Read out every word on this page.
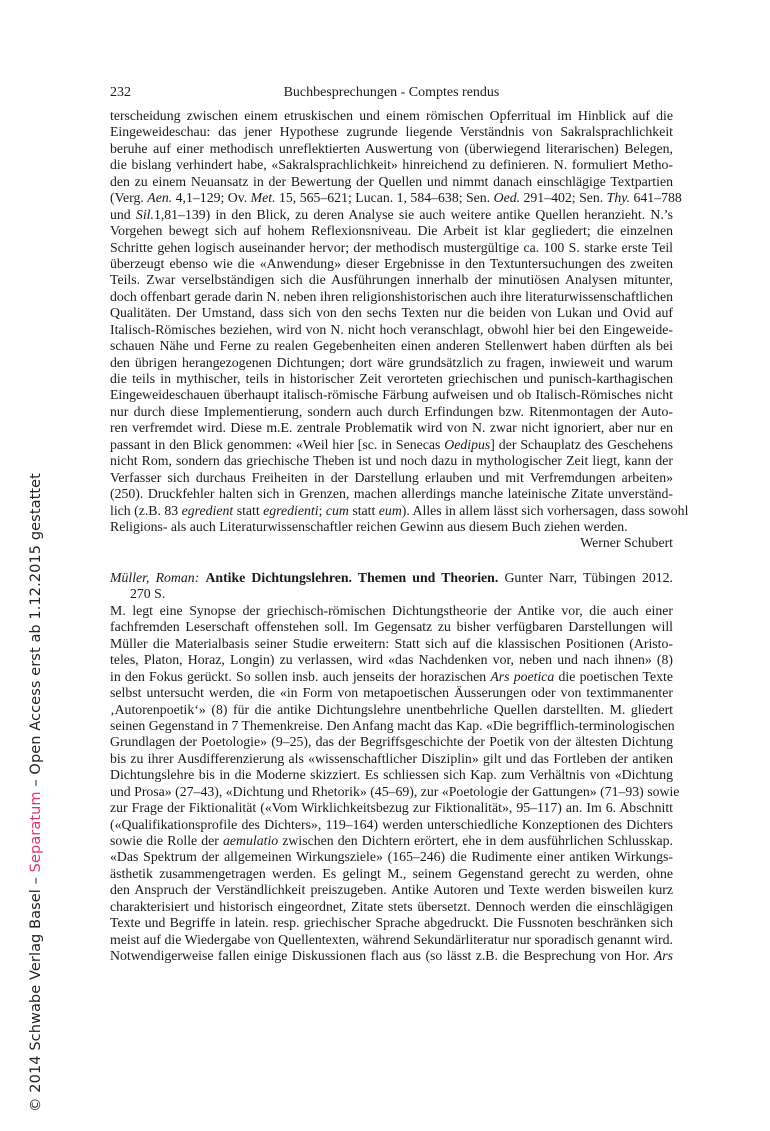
232	Buchbesprechungen - Comptes rendus
terscheidung zwischen einem etruskischen und einem römischen Opferritual im Hinblick auf die
Eingeweideschau: das jener Hypothese zugrunde liegende Verständnis von Sakralsprachlichkeit
beruhe auf einer methodisch unreflektierten Auswertung von (überwiegend literarischen) Belegen,
die bislang verhindert habe, «Sakralsprachlichkeit» hinreichend zu definieren. N. formuliert Metho-
den zu einem Neuansatz in der Bewertung der Quellen und nimmt danach einschlägige Textpartien
(Verg. Aen. 4,1–129; Ov. Met. 15, 565–621; Lucan. 1, 584–638; Sen. Oed. 291–402; Sen. Thy. 641–788
und Sil.1,81–139) in den Blick, zu deren Analyse sie auch weitere antike Quellen heranzieht. N.’s
Vorgehen bewegt sich auf hohem Reflexionsniveau. Die Arbeit ist klar gegliedert; die einzelnen
Schritte gehen logisch auseinander hervor; der methodisch mustergültige ca. 100 S. starke erste Teil
überzeugt ebenso wie die «Anwendung» dieser Ergebnisse in den Textuntersuchungen des zweiten
Teils. Zwar verselbständigen sich die Ausführungen innerhalb der minutiösen Analysen mitunter,
doch offenbart gerade darin N. neben ihren religionshistorischen auch ihre literaturwissenschaftlichen
Qualitäten. Der Umstand, dass sich von den sechs Texten nur die beiden von Lukan und Ovid auf
Italisch-Römisches beziehen, wird von N. nicht hoch veranschlagt, obwohl hier bei den Eingeweide-
schauen Nähe und Ferne zu realen Gegebenheiten einen anderen Stellenwert haben dürften als bei
den übrigen herangezogenen Dichtungen; dort wäre grundsätzlich zu fragen, inwieweit und warum
die teils in mythischer, teils in historischer Zeit verorteten griechischen und punisch-karthagischen
Eingeweideschauen überhaupt italisch-römische Färbung aufweisen und ob Italisch-Römisches nicht
nur durch diese Implementierung, sondern auch durch Erfindungen bzw. Ritenmontagen der Auto-
ren verfremdet wird. Diese m.E. zentrale Problematik wird von N. zwar nicht ignoriert, aber nur en
passant in den Blick genommen: «Weil hier [sc. in Senecas Oedipus] der Schauplatz des Geschehens
nicht Rom, sondern das griechische Theben ist und noch dazu in mythologischer Zeit liegt, kann der
Verfasser sich durchaus Freiheiten in der Darstellung erlauben und mit Verfremdungen arbeiten»
(250). Druckfehler halten sich in Grenzen, machen allerdings manche lateinische Zitate unverständ-
lich (z.B. 83 egredient statt egredienti; cum statt eum). Alles in allem lässt sich vorhersagen, dass sowohl
Religions- als auch Literaturwissenschaftler reichen Gewinn aus diesem Buch ziehen werden.
Werner Schubert
Müller, Roman: Antike Dichtungslehren. Themen und Theorien. Gunter Narr, Tübingen 2012.
270 S.
M. legt eine Synopse der griechisch-römischen Dichtungstheorie der Antike vor, die auch einer
fachfremden Leserschaft offenstehen soll. Im Gegensatz zu bisher verfügbaren Darstellungen will
Müller die Materialbasis seiner Studie erweitern: Statt sich auf die klassischen Positionen (Aristo-
teles, Platon, Horaz, Longin) zu verlassen, wird «das Nachdenken vor, neben und nach ihnen» (8)
in den Fokus gerückt. So sollen insb. auch jenseits der horazischen Ars poetica die poetischen Texte
selbst untersucht werden, die «in Form von metapoetischen Äusserungen oder von textimmanenter
‚Autorenpoetik‘» (8) für die antike Dichtungslehre unentbehrliche Quellen darstellten. M. gliedert
seinen Gegenstand in 7 Themenkreise. Den Anfang macht das Kap. «Die begrifflich-terminologischen
Grundlagen der Poetologie» (9–25), das der Begriffsgeschichte der Poetik von der ältesten Dichtung
bis zu ihrer Ausdifferenzierung als «wissenschaftlicher Disziplin» gilt und das Fortleben der antiken
Dichtungslehre bis in die Moderne skizziert. Es schliessen sich Kap. zum Verhältnis von «Dichtung
und Prosa» (27–43), «Dichtung und Rhetorik» (45–69), zur «Poetologie der Gattungen» (71–93) sowie
zur Frage der Fiktionalität («Vom Wirklichkeitsbezug zur Fiktionalität», 95–117) an. Im 6. Abschnitt
(«Qualifikationsprofile des Dichters», 119–164) werden unterschiedliche Konzeptionen des Dichters
sowie die Rolle der aemulatio zwischen den Dichtern erörtert, ehe in dem ausführlichen Schlusskap.
«Das Spektrum der allgemeinen Wirkungsziele» (165–246) die Rudimente einer antiken Wirkungs-
ästhetik zusammengetragen werden. Es gelingt M., seinem Gegenstand gerecht zu werden, ohne
den Anspruch der Verständlichkeit preiszugeben. Antike Autoren und Texte werden bisweilen kurz
charakterisiert und historisch eingeordnet, Zitate stets übersetzt. Dennoch werden die einschlägigen
Texte und Begriffe in latein. resp. griechischer Sprache abgedruckt. Die Fussnoten beschränken sich
meist auf die Wiedergabe von Quellentexten, während Sekundärliteratur nur sporadisch genannt wird.
Notwendigerweise fallen einige Diskussionen flach aus (so lässt z.B. die Besprechung von Hor. Ars
© 2014 Schwabe Verlag Basel – Separatum – Open Access erst ab 1.12.2015 gestattet
